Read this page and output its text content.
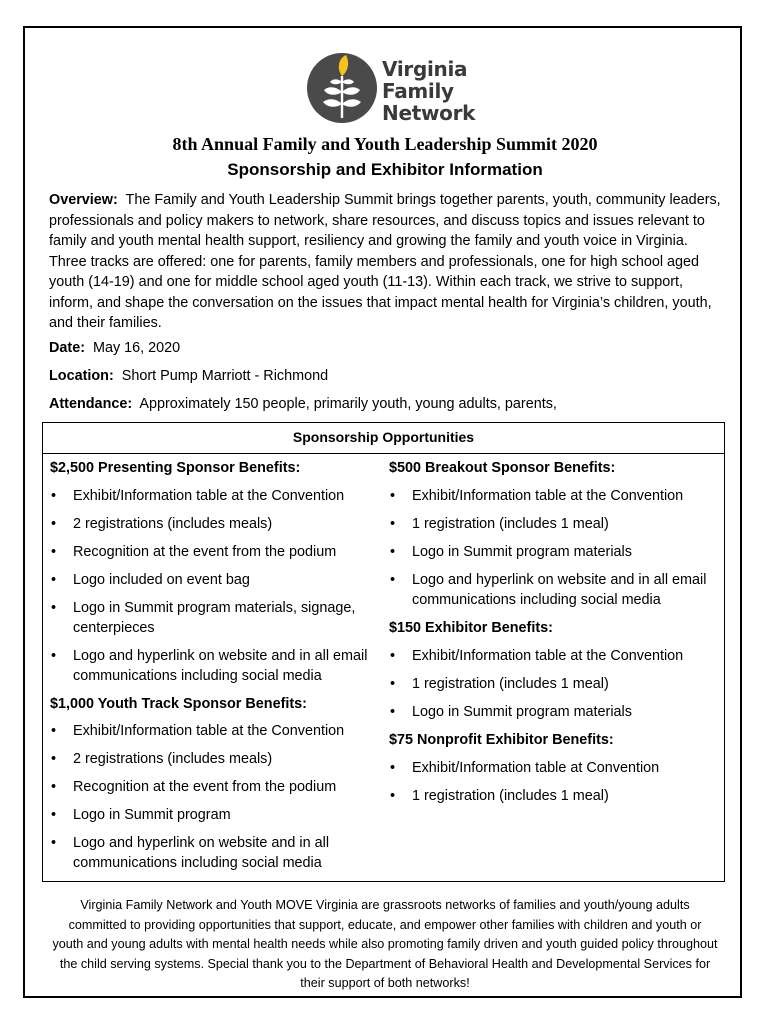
Virginia
Family
Network
8th Annual Family and Youth Leadership Summit 2020
Sponsorship and Exhibitor Information
Overview: The Family and Youth Leadership Summit brings together parents, youth, community leaders, professionals and policy makers to network, share resources, and discuss topics and issues relevant to family and youth mental health support, resiliency and growing the family and youth voice in Virginia. Three tracks are offered: one for parents, family members and professionals, one for high school aged youth (14-19) and one for middle school aged youth (11-13). Within each track, we strive to support, inform, and shape the conversation on the issues that impact mental health for Virginia’s children, youth, and their families.
Date: May 16, 2020
Location: Short Pump Marriott - Richmond
Attendance: Approximately 150 people, primarily youth, young adults, parents,
Sponsorship Opportunities

$2,500 Presenting Sponsor Benefits:

• Exhibit/Information table at the Convention
• 2 registrations (includes meals)
• Recognition at the event from the podium
• Logo included on event bag
• Logo in Summit program materials, signage, centerpieces
• Logo and hyperlink on website and in all email communications including social media

$1,000 Youth Track Sponsor Benefits:

• Exhibit/Information table at the Convention
• 2 registrations (includes meals)
• Recognition at the event from the podium
• Logo in Summit program
• Logo and hyperlink on website and in all communications including social media

$500 Breakout Sponsor Benefits:

• Exhibit/Information table at the Convention
• 1 registration (includes 1 meal)
• Logo in Summit program materials
• Logo and hyperlink on website and in all email communications including social media

$150 Exhibitor Benefits:

• Exhibit/Information table at the Convention
• 1 registration (includes 1 meal)
• Logo in Summit program materials

$75 Nonprofit Exhibitor Benefits:

• Exhibit/Information table at Convention
• 1 registration (includes 1 meal)
Virginia Family Network and Youth MOVE Virginia are grassroots networks of families and youth/young adults committed to providing opportunities that support, educate, and empower other families with children and youth or youth and young adults with mental health needs while also promoting family driven and youth guided policy throughout the child serving systems. Special thank you to the Department of Behavioral Health and Developmental Services for their support of both networks!
